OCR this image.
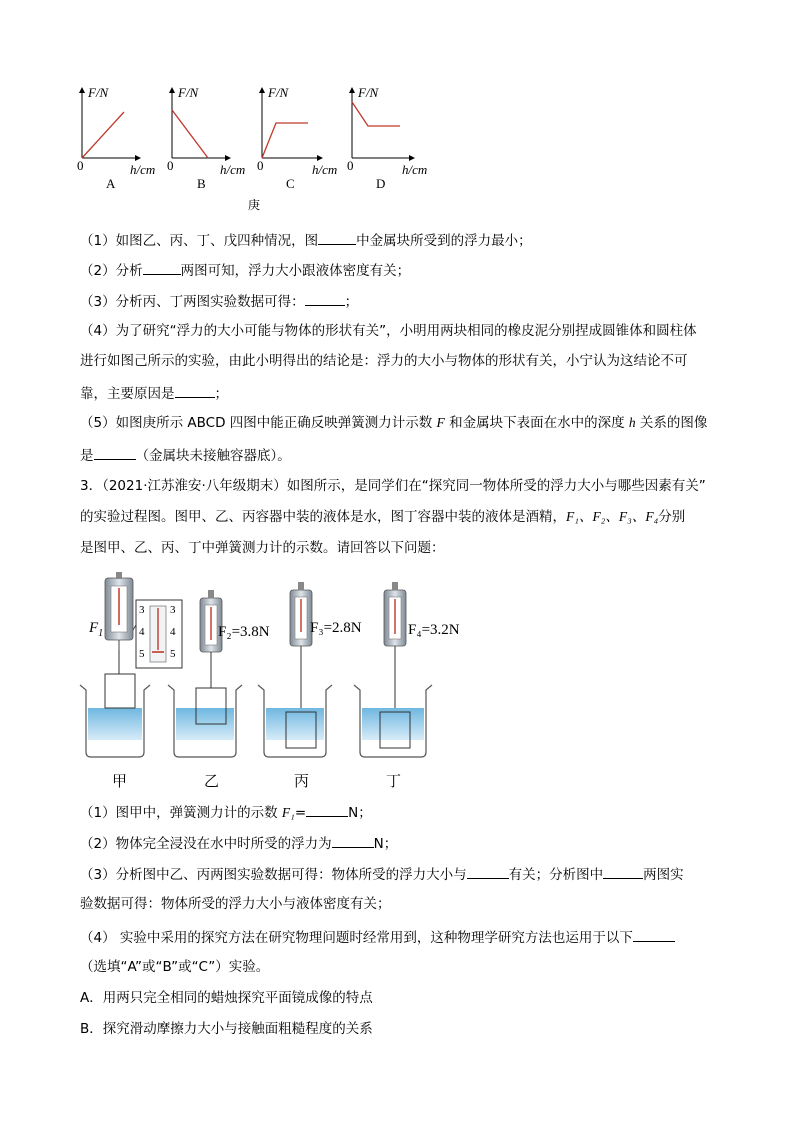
F/N	F/N	F/N	F/N
0	0	0	0
h/cm	h/cm	h/cm	h/cm
A	B	C	D
庚
（1）如图乙、丙、丁、戊四种情况，图	中金属块所受到的浮力最小；
（2）分析	两图可知，浮力大小跟液体密度有关；
（3）分析丙、丁两图实验数据可得：	；
（4）为了研究“浮力的大小可能与物体的形状有关”，小明用两块相同的橡皮泥分别捏成圆锥体和圆柱体
进行如图己所示的实验，由此小明得出的结论是：浮力的大小与物体的形状有关，小宁认为这结论不可
靠，主要原因是	；
（5）如图庚所示 ABCD 四图中能正确反映弹簧测力计示数 F 和金属块下表面在水中的深度 h 关系的图像
是	（金属块未接触容器底）。
3．（2021·江苏淮安·八年级期末）如图所示，是同学们在“探究同一物体所受的浮力大小与哪些因素有关”
的实验过程图。图甲、乙、丙容器中装的液体是水，图丁容器中装的液体是酒精，F₁、F₂、F₃、F₄分别
是图甲、乙、丙、丁中弹簧测力计的示数。请回答以下问题：
$F_1$
3
4
5
3
4
5
F₂=3.8N	F₃=2.8N	F₄=3.2N
甲	乙	丙	丁
（1）图甲中，弹簧测力计的示数 F₁=	N；
（2）物体完全浸没在水中时所受的浮力为	N；
（3）分析图中乙、丙两图实验数据可得：物体所受的浮力大小与	有关；分析图中	两图实
验数据可得：物体所受的浮力大小与液体密度有关；
（4） 实验中采用的探究方法在研究物理问题时经常用到，这种物理学研究方法也运用于以下
（选填“A”或“B”或“C”）实验。
A．用两只完全相同的蜡烛探究平面镜成像的特点
B．探究滑动摩擦力大小与接触面粗糙程度的关系
